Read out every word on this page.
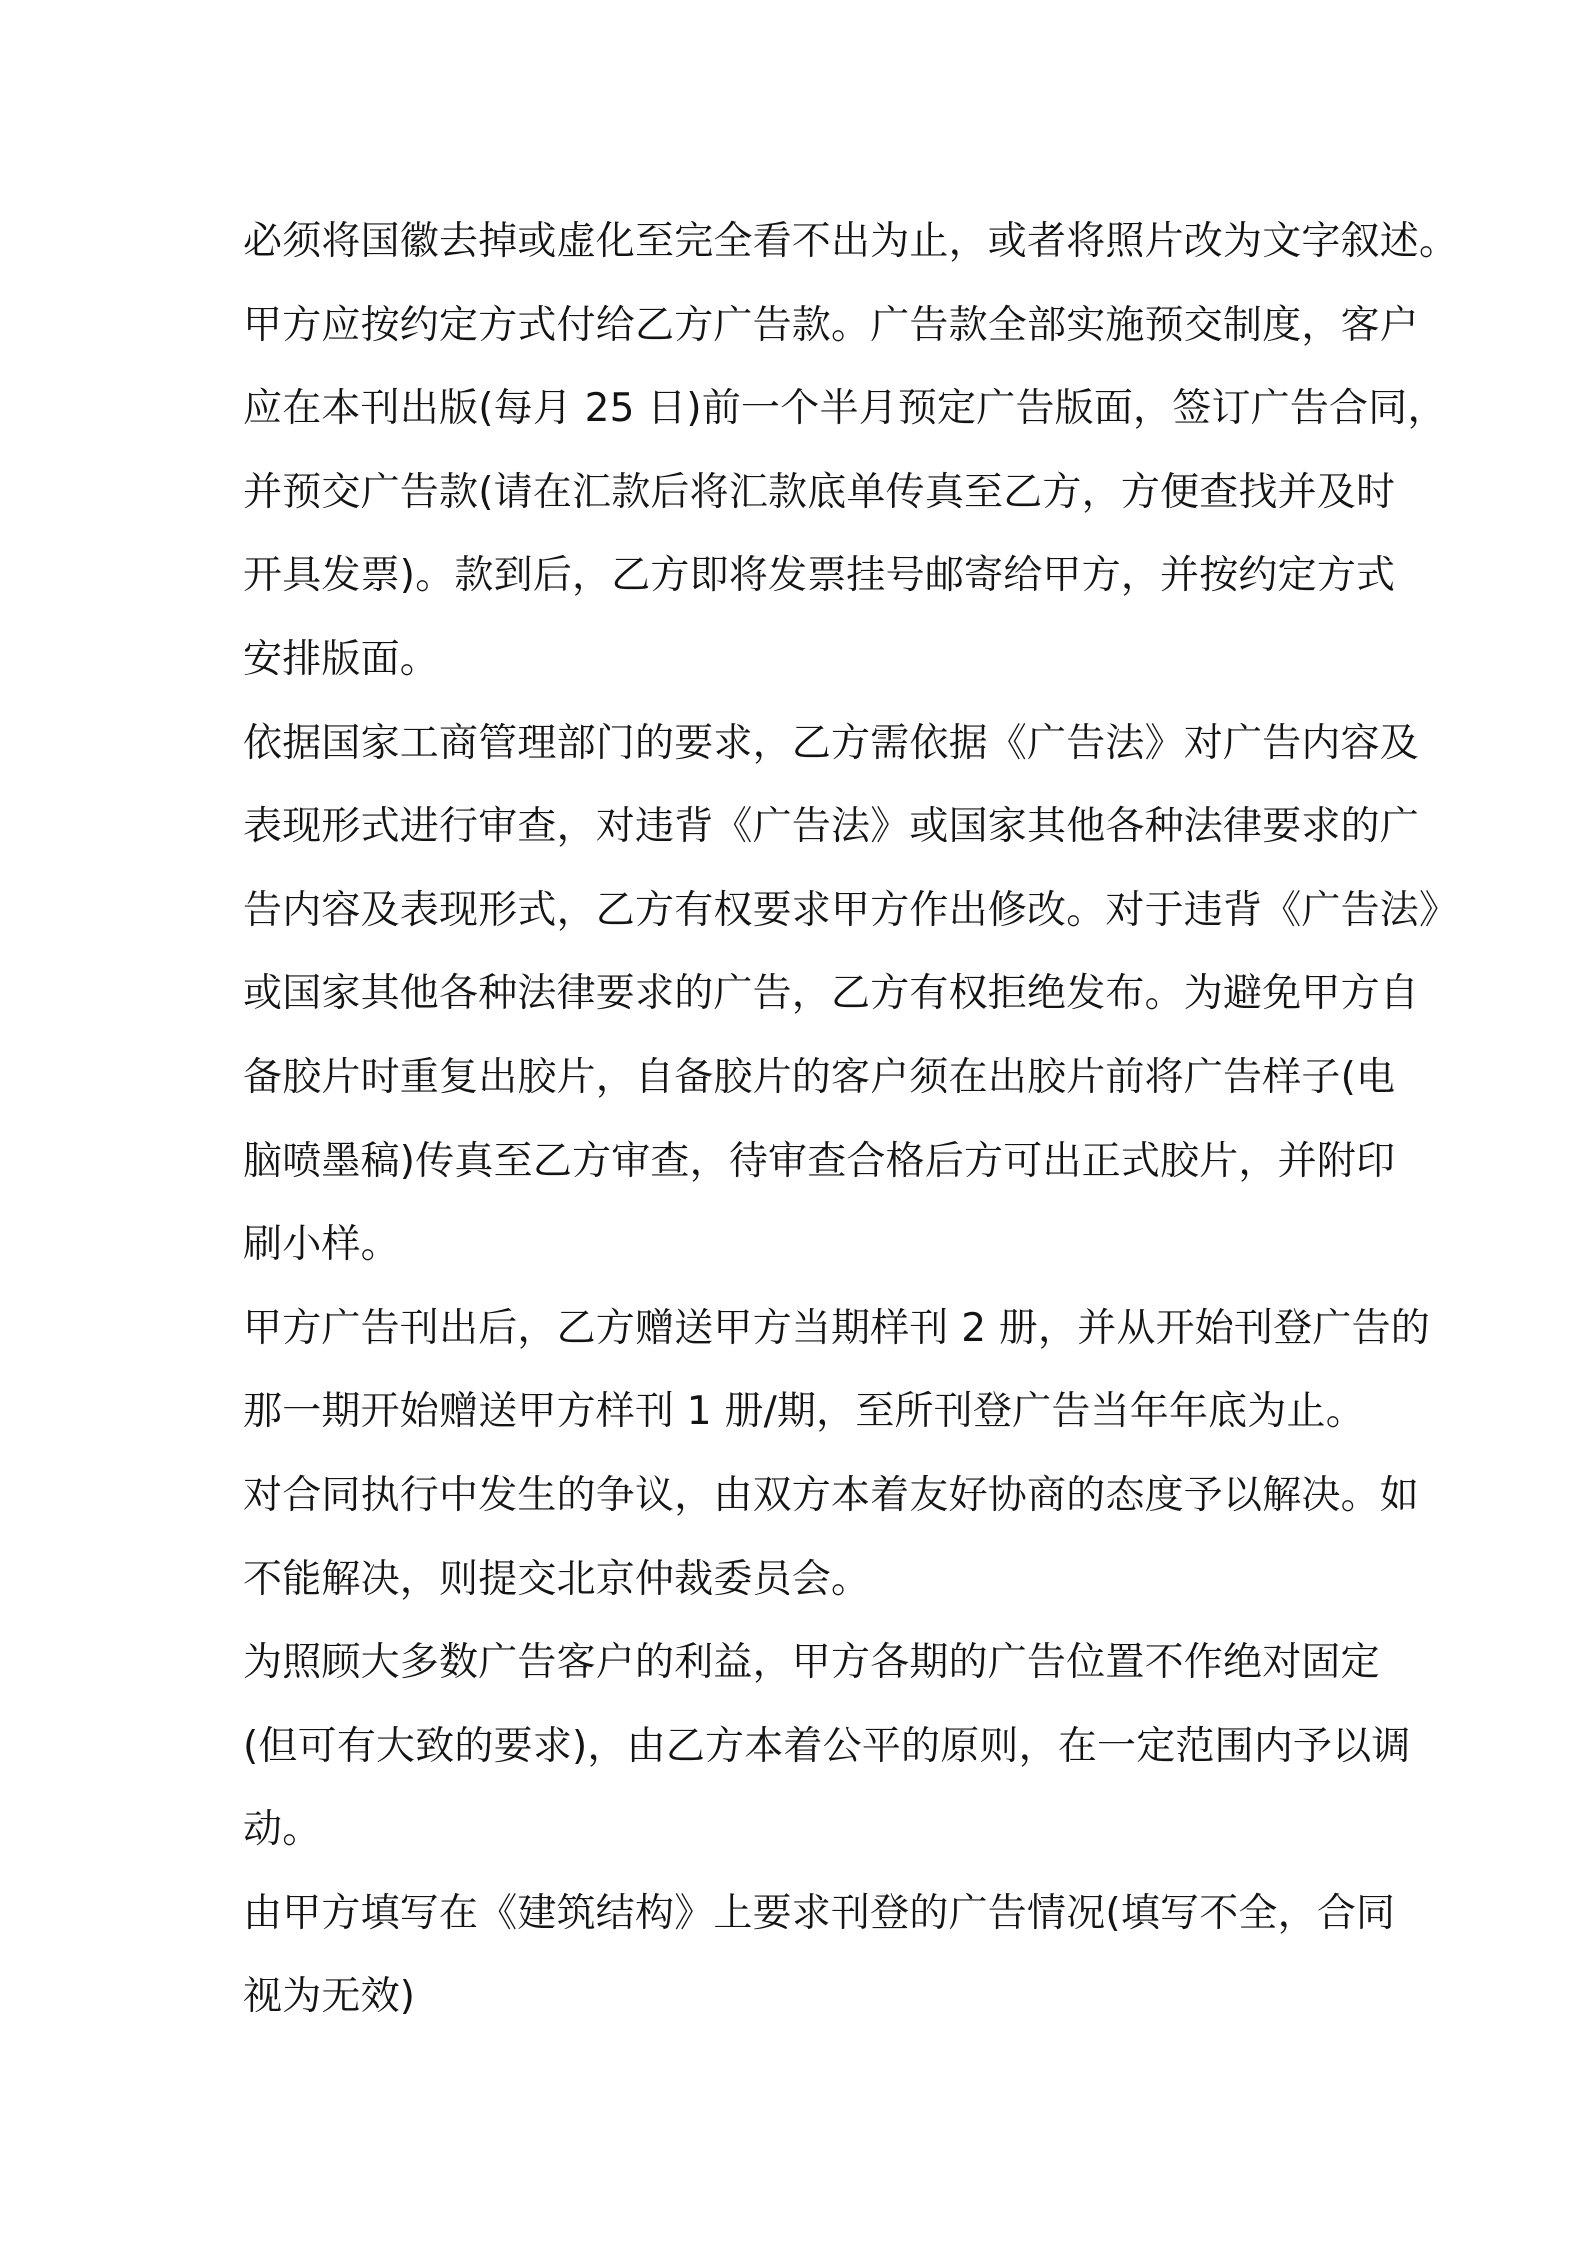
必须将国徽去掉或虚化至完全看不出为止，或者将照片改为文字叙述。
甲方应按约定方式付给乙方广告款。广告款全部实施预交制度，客户
应在本刊出版(每月 25 日)前一个半月预定广告版面，签订广告合同，
并预交广告款(请在汇款后将汇款底单传真至乙方，方便查找并及时
开具发票)。款到后，乙方即将发票挂号邮寄给甲方，并按约定方式
安排版面。
依据国家工商管理部门的要求，乙方需依据《广告法》对广告内容及
表现形式进行审查，对违背《广告法》或国家其他各种法律要求的广
告内容及表现形式，乙方有权要求甲方作出修改。对于违背《广告法》
或国家其他各种法律要求的广告，乙方有权拒绝发布。为避免甲方自
备胶片时重复出胶片，自备胶片的客户须在出胶片前将广告样子(电
脑喷墨稿)传真至乙方审查，待审查合格后方可出正式胶片，并附印
刷小样。
甲方广告刊出后，乙方赠送甲方当期样刊 2 册，并从开始刊登广告的
那一期开始赠送甲方样刊 1 册/期，至所刊登广告当年年底为止。
对合同执行中发生的争议，由双方本着友好协商的态度予以解决。如
不能解决，则提交北京仲裁委员会。
为照顾大多数广告客户的利益，甲方各期的广告位置不作绝对固定
(但可有大致的要求)，由乙方本着公平的原则，在一定范围内予以调
动。
由甲方填写在《建筑结构》上要求刊登的广告情况(填写不全，合同
视为无效)
